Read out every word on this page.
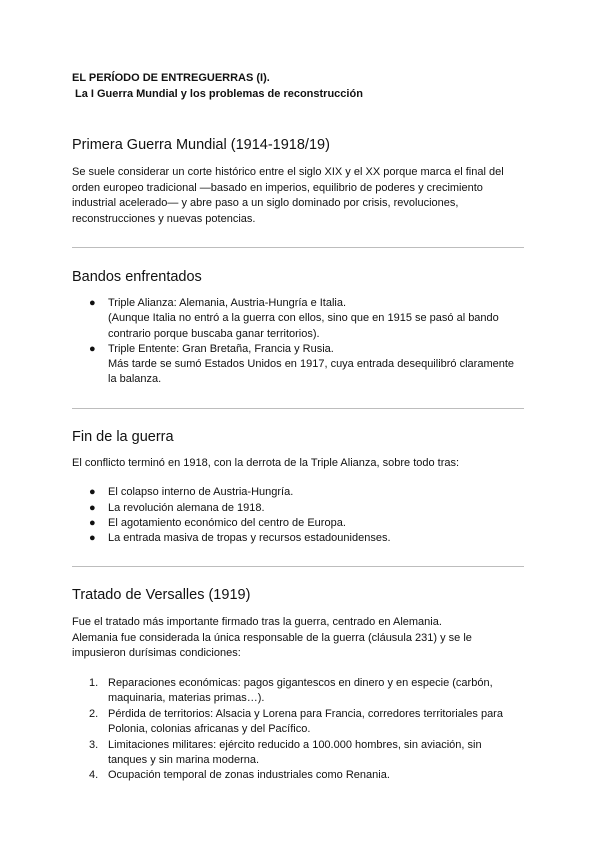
EL PERÍODO DE ENTREGUERRAS (I).

La I Guerra Mundial y los problemas de reconstrucción

Primera Guerra Mundial (1914-1918/19)

Se suele considerar un corte histórico entre el siglo XIX y el XX porque marca el final del
orden europeo tradicional —basado en imperios, equilibrio de poderes y crecimiento
industrial acelerado— y abre paso a un siglo dominado por crisis, revoluciones,
reconstrucciones y nuevas potencias.

Bandos enfrentados
● Triple Alianza: Alemania, Austria-Hungría e Italia.
(Aunque Italia no entró a la guerra con ellos, sino que en 1915 se pasó al bando
contrario porque buscaba ganar territorios).
● Triple Entente: Gran Bretaña, Francia y Rusia.
Más tarde se sumó Estados Unidos en 1917, cuya entrada desequilibró claramente
la balanza.
Fin de la guerra

El conflicto terminó en 1918, con la derrota de la Triple Alianza, sobre todo tras:

● El colapso interno de Austria-Hungría.
● La revolución alemana de 1918.
● El agotamiento económico del centro de Europa.
● La entrada masiva de tropas y recursos estadounidenses.
Tratado de Versalles (1919)

Fue el tratado más importante firmado tras la guerra, centrado en Alemania.
Alemania fue considerada la única responsable de la guerra (cláusula 231) y se le
impusieron durísimas condiciones:

1. Reparaciones económicas: pagos gigantescos en dinero y en especie (carbón,
maquinaria, materias primas…).
2. Pérdida de territorios: Alsacia y Lorena para Francia, corredores territoriales para
Polonia, colonias africanas y del Pacífico.
3. Limitaciones militares: ejército reducido a 100.000 hombres, sin aviación, sin
tanques y sin marina moderna.
4. Ocupación temporal de zonas industriales como Renania.
